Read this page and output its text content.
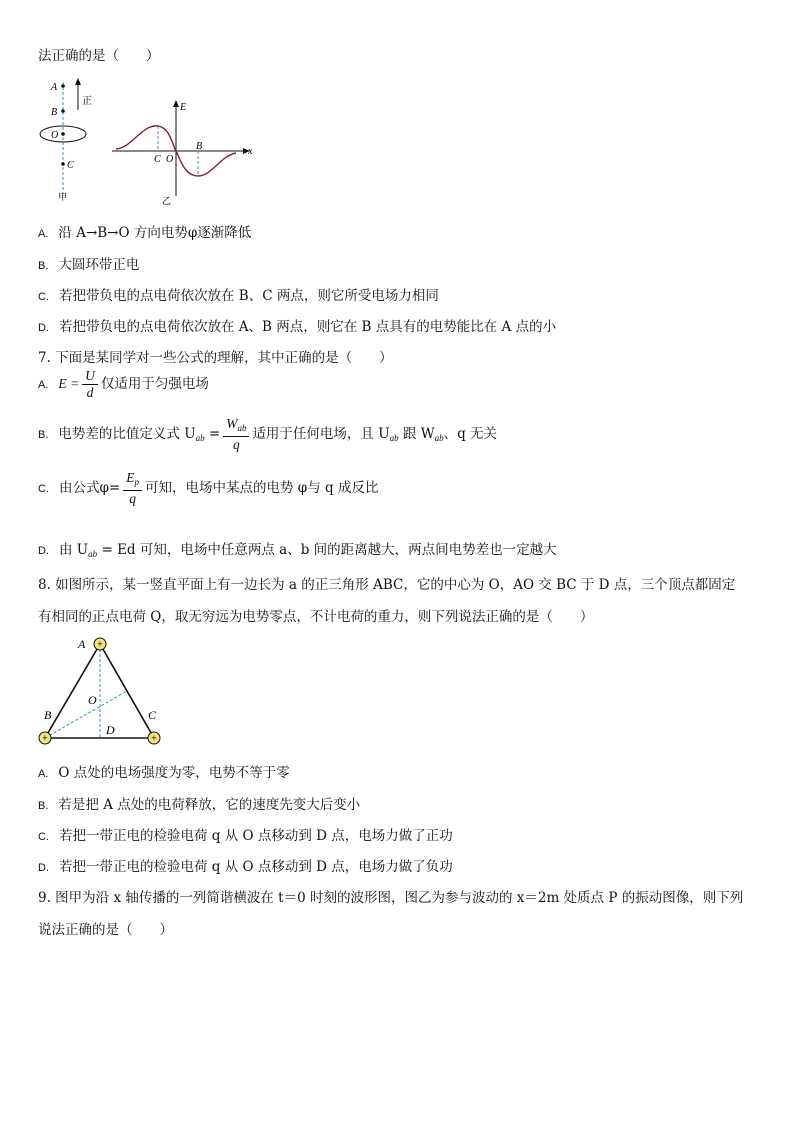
法正确的是（　　）
A
B
O
C
正
甲
E
x
C O
B
乙
A. 沿 A→B→O 方向电势φ逐渐降低
B. 大圆环带正电
C. 若把带负电的点电荷依次放在 B、C 两点，则它所受电场力相同
D. 若把带负电的点电荷依次放在 A、B 两点，则它在 B 点具有的电势能比在 A 点的小
7. 下面是某同学对一些公式的理解，其中正确的是（　　）
A. $E = \frac{U}{d}$ 仅适用于匀强电场
B. 电势差的比值定义式 $U_{ab} = \frac{W_{ab}}{q}$ 适用于任何电场，且 $U_{ab}$ 跟 $W_{ab}$、q 无关
C. 由公式$\varphi= \frac{E_p}{q}$ 可知，电场中某点的电势 φ与 q 成反比
D. 由 $U_{ab} = Ed$ 可知，电场中任意两点 a、b 间的距离越大，两点间电势差也一定越大
8. 如图所示，某一竖直平面上有一边长为 a 的正三角形 ABC，它的中心为 O，AO 交 BC 于 D 点，三个顶点都固定
有相同的正点电荷 Q，取无穷远为电势零点，不计电荷的重力，则下列说法正确的是（　　）
+
+	+
A
B	C
O
D
A. O 点处的电场强度为零，电势不等于零
B. 若是把 A 点处的电荷释放，它的速度先变大后变小
C. 若把一带正电的检验电荷 q 从 O 点移动到 D 点，电场力做了正功
D. 若把一带正电的检验电荷 q 从 O 点移动到 D 点，电场力做了负功
9. 图甲为沿 x 轴传播的一列简谐横波在 t＝0 时刻的波形图，图乙为参与波动的 x＝2m 处质点 P 的振动图像，则下列
说法正确的是（　　）
